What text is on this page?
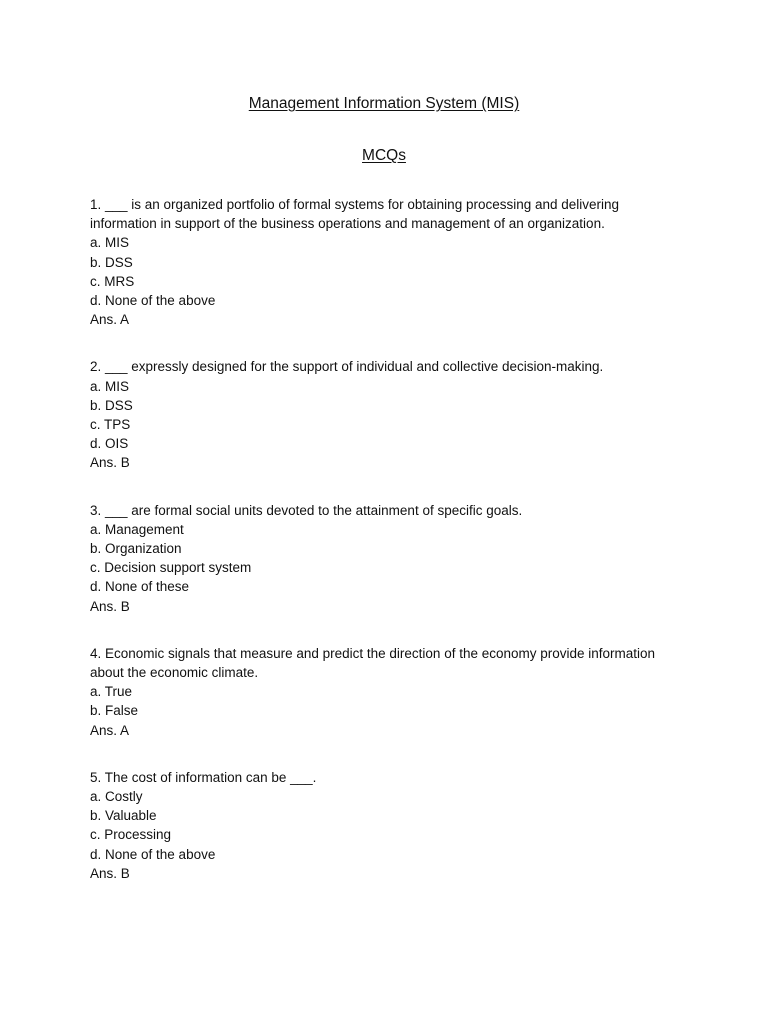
Management Information System (MIS)
MCQs
1. ___ is an organized portfolio of formal systems for obtaining processing and delivering
information in support of the business operations and management of an organization.
a. MIS
b. DSS
c. MRS
d. None of the above
Ans. A
2. ___ expressly designed for the support of individual and collective decision-making.
a. MIS
b. DSS
c. TPS
d. OIS
Ans. B
3. ___ are formal social units devoted to the attainment of specific goals.
a. Management
b. Organization
c. Decision support system
d. None of these
Ans. B
4. Economic signals that measure and predict the direction of the economy provide information
about the economic climate.
a. True
b. False
Ans. A
5. The cost of information can be ___.
a. Costly
b. Valuable
c. Processing
d. None of the above
Ans. B
